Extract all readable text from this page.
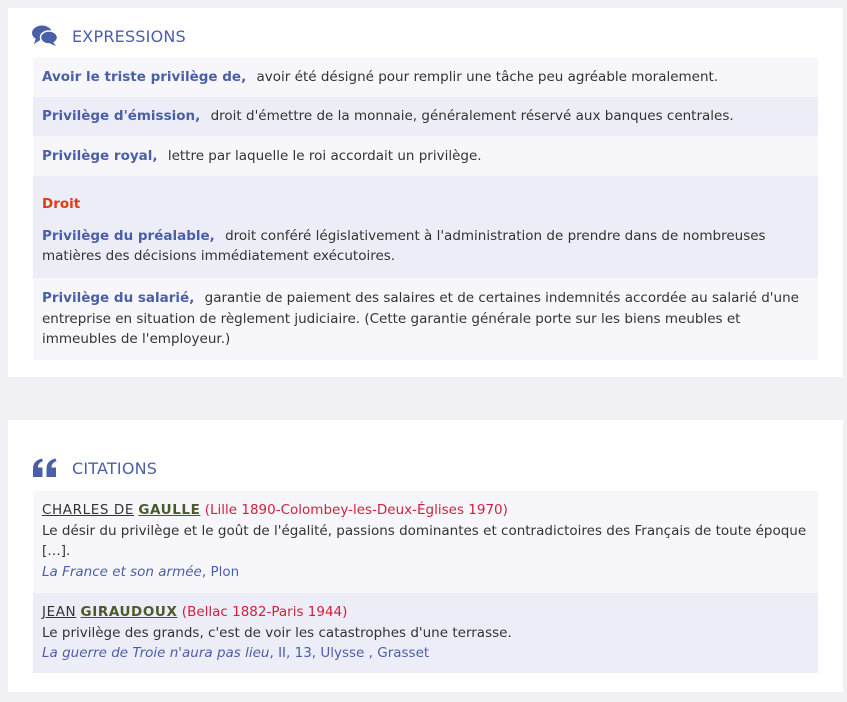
EXPRESSIONS
Avoir le triste privilège de, avoir été désigné pour remplir une tâche peu agréable moralement.
Privilège d'émission, droit d'émettre de la monnaie, généralement réservé aux banques centrales.
Privilège royal, lettre par laquelle le roi accordait un privilège.
Droit
Privilège du préalable, droit conféré législativement à l'administration de prendre dans de nombreuses matières des décisions immédiatement exécutoires.
Privilège du salarié, garantie de paiement des salaires et de certaines indemnités accordée au salarié d'une entreprise en situation de règlement judiciaire. (Cette garantie générale porte sur les biens meubles et immeubles de l'employeur.)
CITATIONS
CHARLES DE GAULLE (Lille 1890-Colombey-les-Deux-Églises 1970)
Le désir du privilège et le goût de l'égalité, passions dominantes et contradictoires des Français de toute époque […].
La France et son armée, Plon
JEAN GIRAUDOUX (Bellac 1882-Paris 1944)
Le privilège des grands, c'est de voir les catastrophes d'une terrasse.
La guerre de Troie n'aura pas lieu, II, 13, Ulysse , Grasset
